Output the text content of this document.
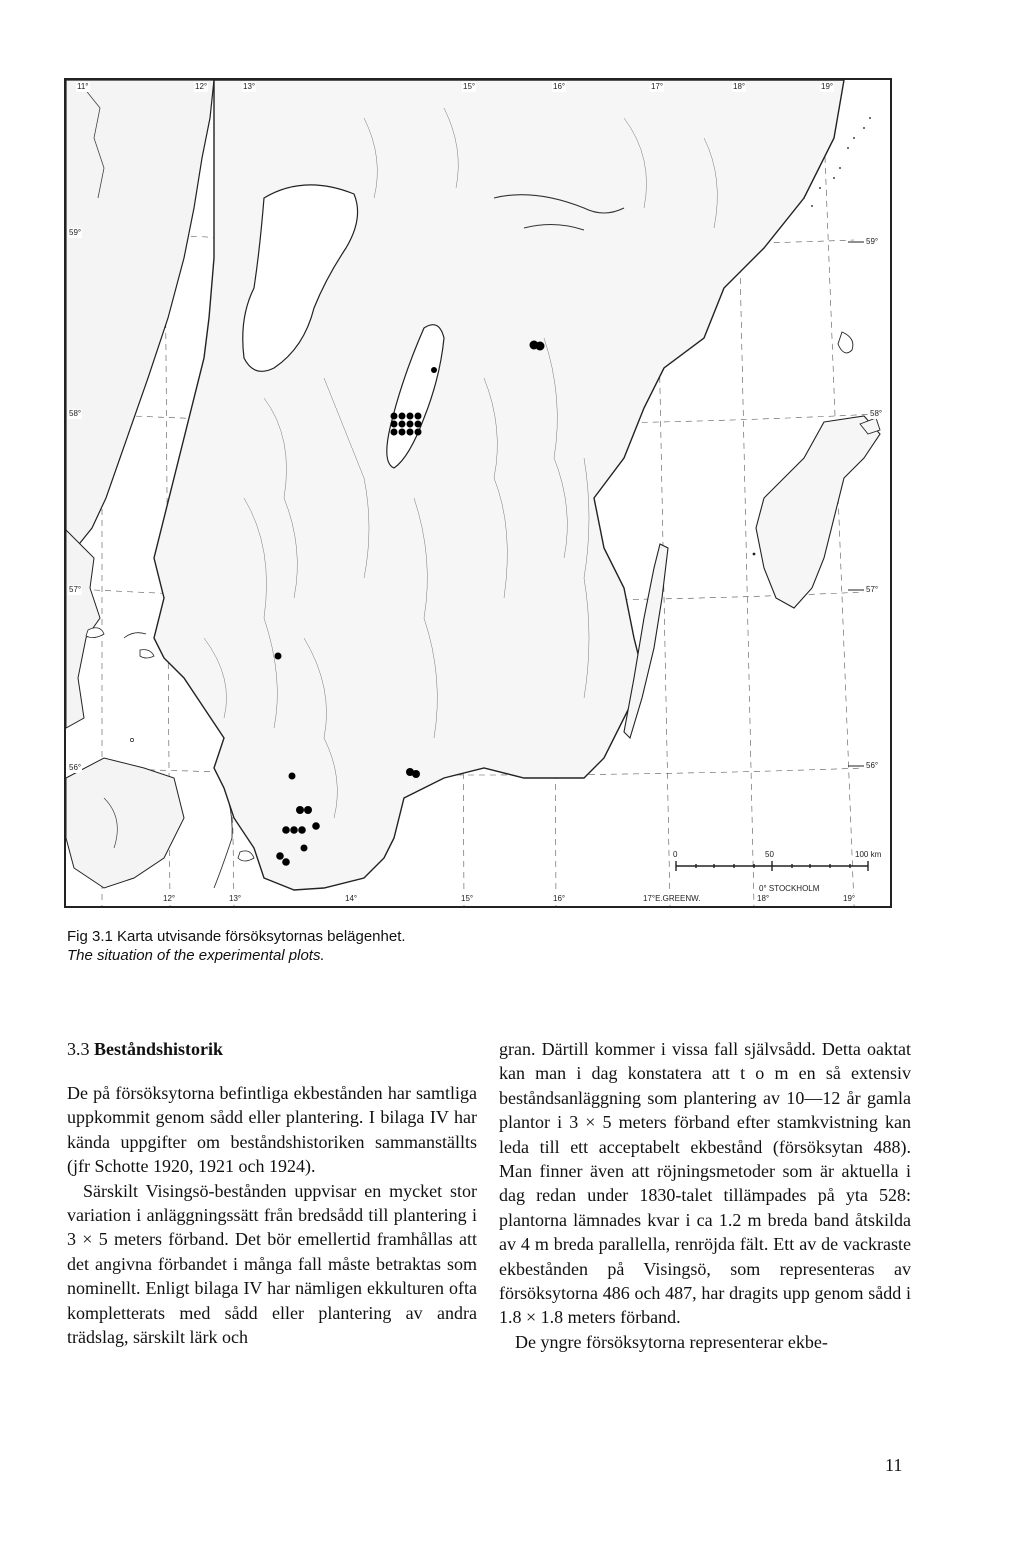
11°	12°	13°	15°	16°	17°	18°	19°
59°
58°
57°
56°
59°
58°
57°
56°
0	50	100 km
0° STOCKHOLM
12°	13°	14°	15°	16°	17°E.GREENW.	18°	19°
Fig 3.1 Karta utvisande försöksytornas belägenhet.
The situation of the experimental plots.
3.3 Beståndshistorik

De på försöksytorna befintliga ekbestånden har samtliga uppkommit genom sådd eller plantering. I bilaga IV har kända uppgifter om beståndshistoriken sammanställts (jfr Schotte 1920, 1921 och 1924).

Särskilt Visingsö-bestånden uppvisar en mycket stor variation i anläggningssätt från bredsådd till plantering i 3 × 5 meters förband. Det bör emellertid framhållas att det angivna förbandet i många fall måste betraktas som nominellt. Enligt bilaga IV har nämligen ekkulturen ofta kompletterats med sådd eller plantering av andra trädslag, särskilt lärk och

gran. Därtill kommer i vissa fall självsådd. Detta oaktat kan man i dag konstatera att t o m en så extensiv beståndsanläggning som plantering av 10—12 år gamla plantor i 3 × 5 meters förband efter stamkvistning kan leda till ett acceptabelt ekbestånd (försöksytan 488). Man finner även att röjningsmetoder som är aktuella i dag redan under 1830-talet tillämpades på yta 528: plantorna lämnades kvar i ca 1.2 m breda band åtskilda av 4 m breda parallella, renröjda fält. Ett av de vackraste ekbestånden på Visingsö, som representeras av försöksytorna 486 och 487, har dragits upp genom sådd i 1.8 × 1.8 meters förband.

De yngre försöksytorna representerar ekbe-

11
